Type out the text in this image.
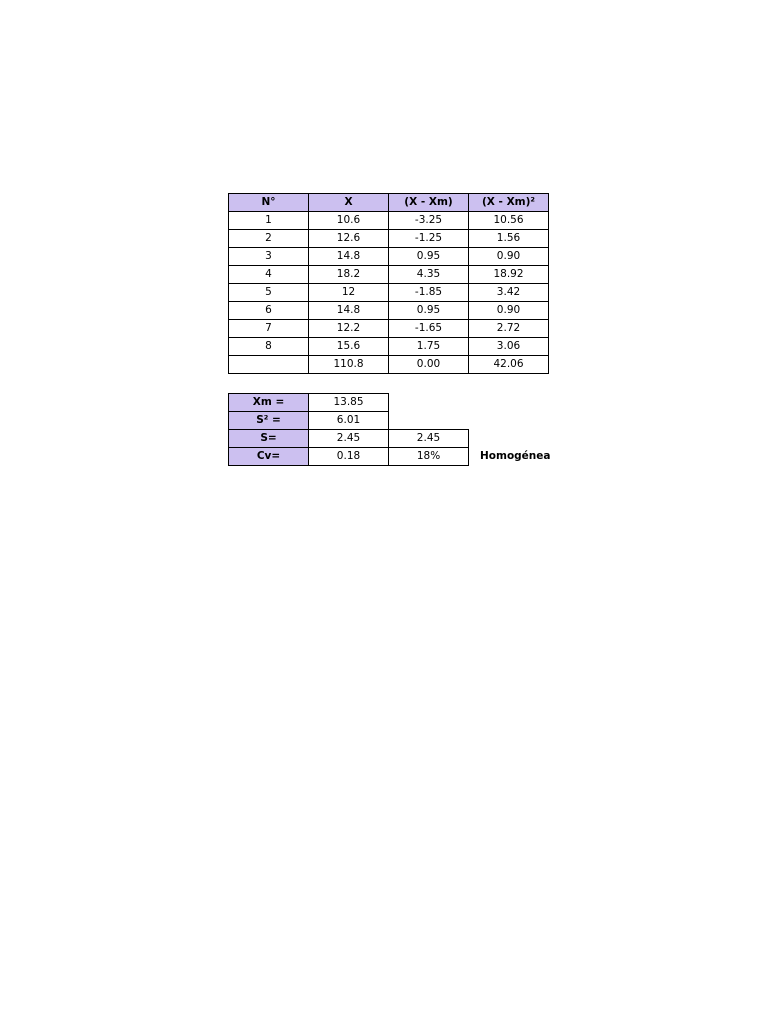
N°	X	(X - Xm)	(X - Xm)²
1	10.6	-3.25	10.56
2	12.6	-1.25	1.56
3	14.8	0.95	0.90
4	18.2	4.35	18.92
5	12	-1.85	3.42
6	14.8	0.95	0.90
7	12.2	-1.65	2.72
8	15.6	1.75	3.06
	110.8	0.00	42.06
Xm =	13.85	
S² =	6.01	
S=	2.45	2.45
Cv=	0.18	18%	Homogénea
